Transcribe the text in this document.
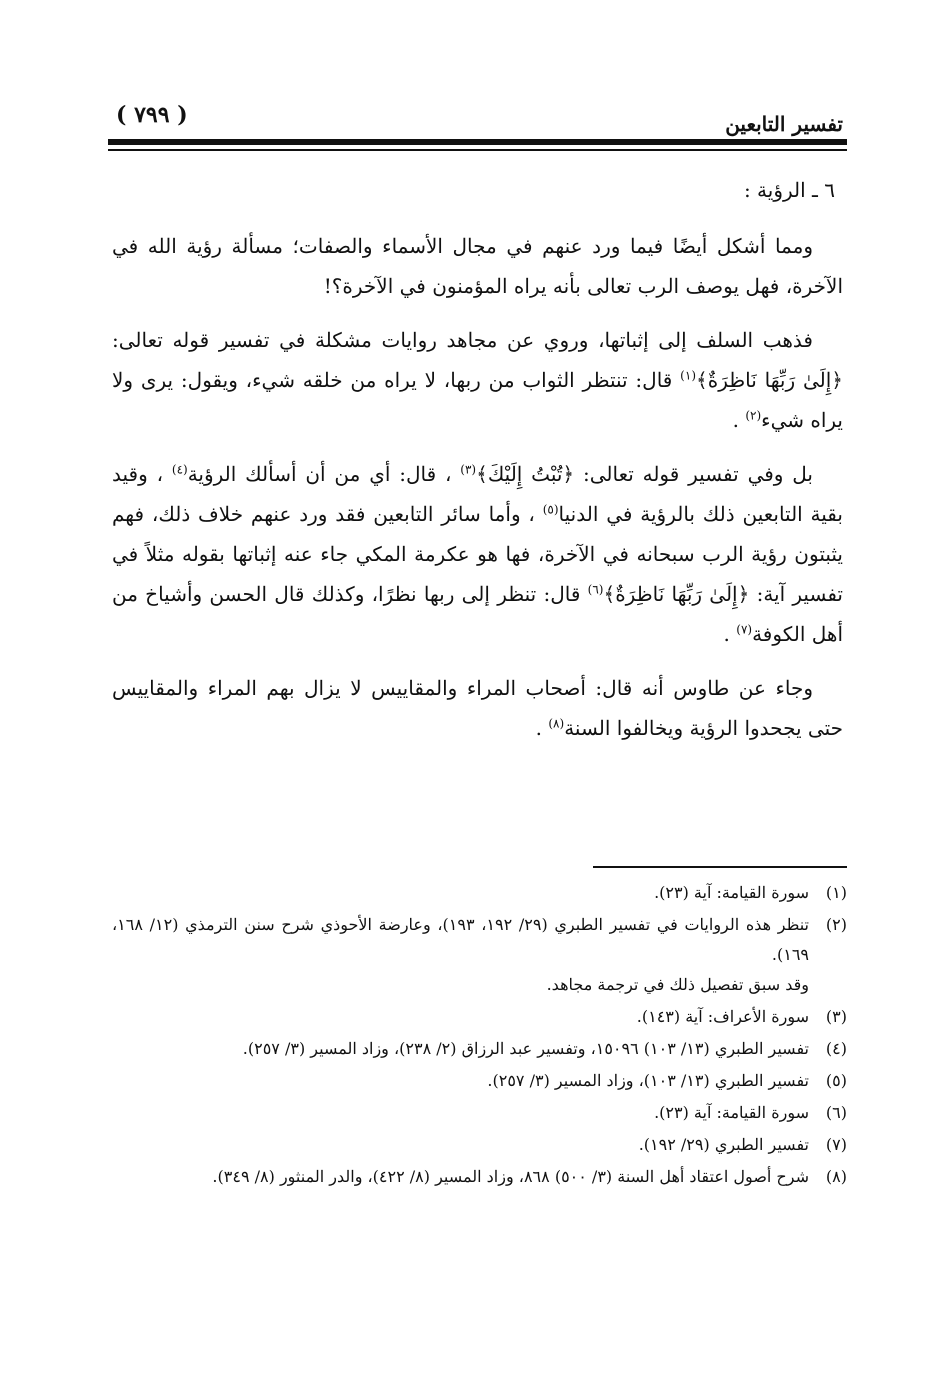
تفسير التابعين
( ٧٩٩ )
٦ ـ الرؤية :

ومما أشكل أيضًا فيما ورد عنهم في مجال الأسماء والصفات؛ مسألة رؤية الله في الآخرة، فهل يوصف الرب تعالى بأنه يراه المؤمنون في الآخرة؟!

فذهب السلف إلى إثباتها، وروي عن مجاهد روايات مشكلة في تفسير قوله تعالى: ﴿إِلَىٰ رَبِّهَا نَاظِرَةٌ﴾$^{(١)}$ قال: تنتظر الثواب من ربها، لا يراه من خلقه شيء، ويقول: يرى ولا يراه شيء$^{(٢)}$ .

بل وفي تفسير قوله تعالى: ﴿تُبْتُ إِلَيْكَ﴾$^{(٣)}$ ، قال: أي من أن أسألك الرؤية$^{(٤)}$ ، وقيد بقية التابعين ذلك بالرؤية في الدنيا$^{(٥)}$ ، وأما سائر التابعين فقد ورد عنهم خلاف ذلك، فهم يثبتون رؤية الرب سبحانه في الآخرة، فها هو عكرمة المكي جاء عنه إثباتها بقوله مثلاً في تفسير آية: ﴿إِلَىٰ رَبِّهَا نَاظِرَةٌ﴾$^{(٦)}$ قال: تنظر إلى ربها نظرًا، وكذلك قال الحسن وأشياخ من أهل الكوفة$^{(٧)}$ .

وجاء عن طاوس أنه قال: أصحاب المراء والمقاييس لا يزال بهم المراء والمقاييس حتى يجحدوا الرؤية ويخالفوا السنة$^{(٨)}$ .

(١)
سورة القيامة: آية (٢٣).
(٢)
تنظر هذه الروايات في تفسير الطبري (٢٩/ ١٩٢، ١٩٣)، وعارضة الأحوذي شرح سنن الترمذي (١٢/ ١٦٨، ١٦٩).
وقد سبق تفصيل ذلك في ترجمة مجاهد.
(٣)
سورة الأعراف: آية (١٤٣).
(٤)
تفسير الطبري (١٣/ ١٠٣) ١٥٠٩٦، وتفسير عبد الرزاق (٢/ ٢٣٨)، وزاد المسير (٣/ ٢٥٧).
(٥)
تفسير الطبري (١٣/ ١٠٣)، وزاد المسير (٣/ ٢٥٧).
(٦)
سورة القيامة: آية (٢٣).
(٧)
تفسير الطبري (٢٩/ ١٩٢).
(٨)
شرح أصول اعتقاد أهل السنة (٣/ ٥٠٠) ٨٦٨، وزاد المسير (٨/ ٤٢٢)، والدر المنثور (٨/ ٣٤٩).
